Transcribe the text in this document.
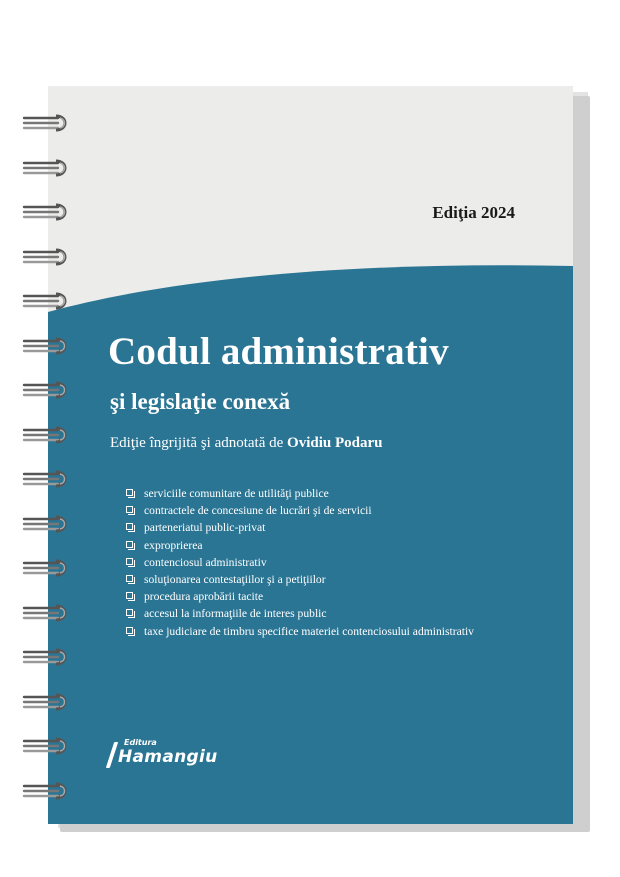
Ediţia 2024
Codul administrativ
şi legislaţie conexă
Ediţie îngrijită şi adnotată de Ovidiu Podaru
serviciile comunitare de utilităţi publice
contractele de concesiune de lucrări şi de servicii
parteneriatul public-privat
exproprierea
contenciosul administrativ
soluţionarea contestaţiilor şi a petiţiilor
procedura aprobării tacite
accesul la informaţiile de interes public
taxe judiciare de timbru specifice materiei contenciosului administrativ
Editura
Hamangiu
